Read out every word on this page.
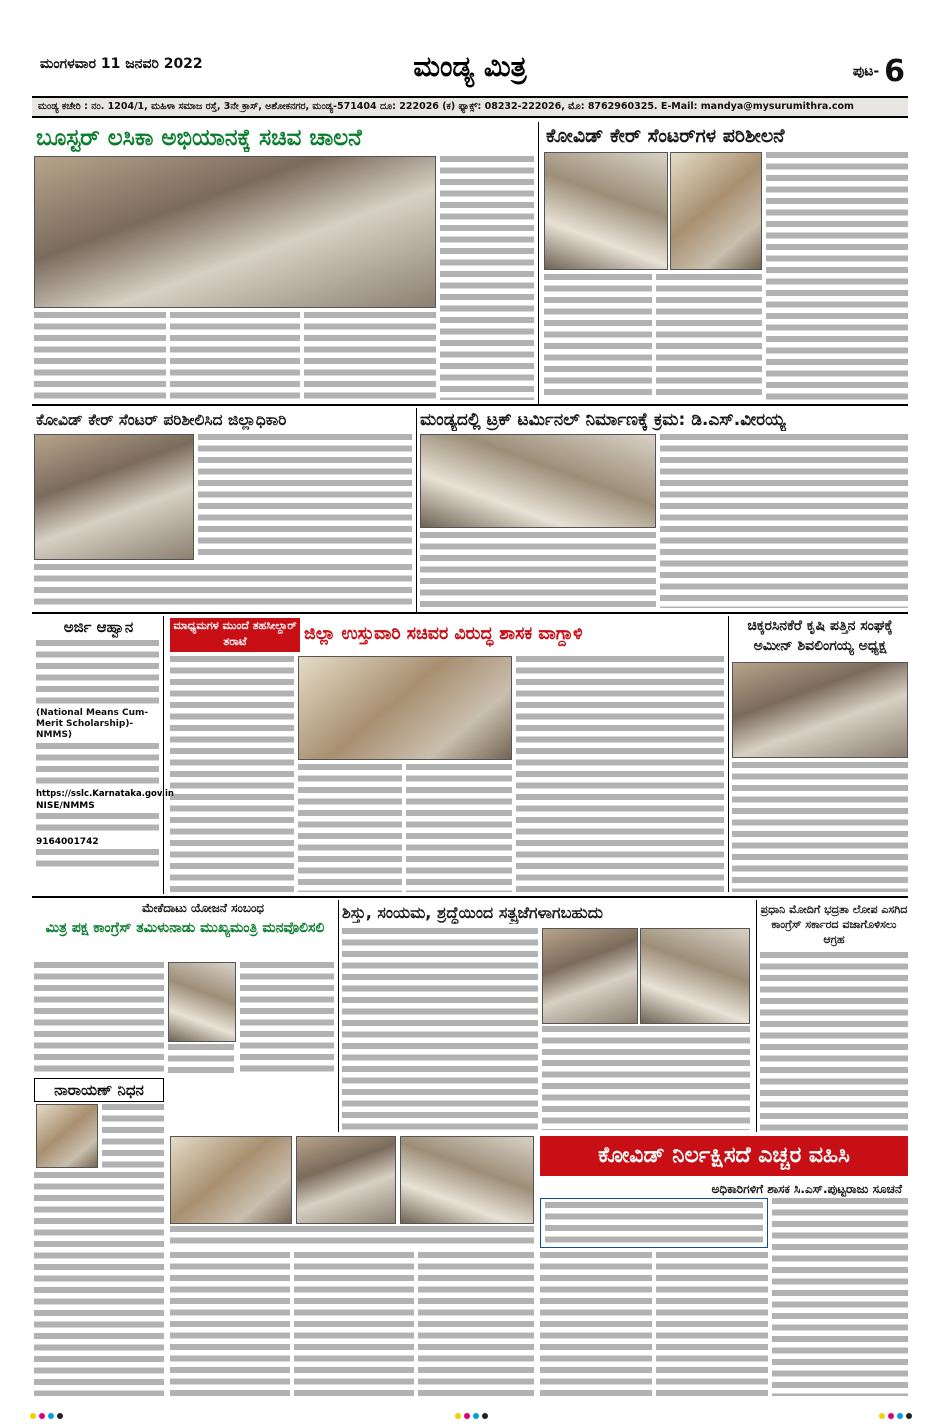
ಮಂಗಳವಾರ 11 ಜನವರಿ 2022	ಮಂಡ್ಯ ಮಿತ್ರ	ಪುಟ- 6
ಮಂಡ್ಯ ಕಚೇರಿ : ನಂ. 1204/1, ಮಹಿಳಾ ಸಮಾಜ ರಸ್ತೆ, 3ನೇ ಕ್ರಾಸ್, ಅಶೋಕನಗರ, ಮಂಡ್ಯ-571404 ದೂ: 222026 (ಕ) ಫ್ಯಾಕ್ಸ್: 08232-222026, ಮೊ: 8762960325. E-Mail: mandya@mysurumithra.com
ಬೂಸ್ಟರ್ ಲಸಿಕಾ ಅಭಿಯಾನಕ್ಕೆ ಸಚಿವ ಚಾಲನೆ	ಕೋವಿಡ್ ಕೇರ್ ಸೆಂಟರ್‌ಗಳ ಪರಿಶೀಲನೆ
ಕೋವಿಡ್ ಕೇರ್ ಸೆಂಟರ್ ಪರಿಶೀಲಿಸಿದ ಜಿಲ್ಲಾಧಿಕಾರಿ	ಮಂಡ್ಯದಲ್ಲಿ ಟ್ರಕ್ ಟರ್ಮಿನಲ್ ನಿರ್ಮಾಣಕ್ಕೆ ಕ್ರಮ: ಡಿ.ಎಸ್.ವೀರಯ್ಯ
ಅರ್ಜಿ ಆಹ್ವಾನ
(National Means Cum-Merit Scholarship)-NMMS)
https://sslc.Karnataka.gov.in
NISE/NMMS
9164001742
ಮಾಧ್ಯಮಗಳ ಮುಂದೆ ತಹಸೀಲ್ದಾರ್ ತರಾಟೆ	ಜಿಲ್ಲಾ ಉಸ್ತುವಾರಿ ಸಚಿವರ ವಿರುದ್ಧ ಶಾಸಕ ವಾಗ್ದಾಳಿ	ಚಿಕ್ಕರಸಿನಕೆರೆ ಕೃಷಿ ಪತ್ತಿನ ಸಂಘಕ್ಕೆ ಅಮೀನ್ ಶಿವಲಿಂಗಯ್ಯ ಅಧ್ಯಕ್ಷ
ಮೇಕೆದಾಟು ಯೋಜನೆ ಸಂಬಂಧ
ಮಿತ್ರ ಪಕ್ಷ ಕಾಂಗ್ರೆಸ್ ತಮಿಳುನಾಡು ಮುಖ್ಯಮಂತ್ರಿ ಮನವೊಲಿಸಲಿ
ನಾರಾಯಣ್ ನಿಧನ
ಶಿಸ್ತು, ಸಂಯಮ, ಶ್ರದ್ಧೆಯಿಂದ ಸತ್ಪ್ರಜೆಗಳಾಗಬಹುದು	ಪ್ರಧಾನಿ ಮೋದಿಗೆ ಭದ್ರತಾ ಲೋಪ ಎಸಗಿದ ಕಾಂಗ್ರೆಸ್ ಸರ್ಕಾರದ ವಜಾಗೊಳಿಸಲು ಆಗ್ರಹ
ಕೋವಿಡ್ ನಿರ್ಲಕ್ಷಿಸದೆ ಎಚ್ಚರ ವಹಿಸಿ
ಅಧಿಕಾರಿಗಳಿಗೆ ಶಾಸಕ ಸಿ.ಎಸ್.ಪುಟ್ಟರಾಜು ಸೂಚನೆ
